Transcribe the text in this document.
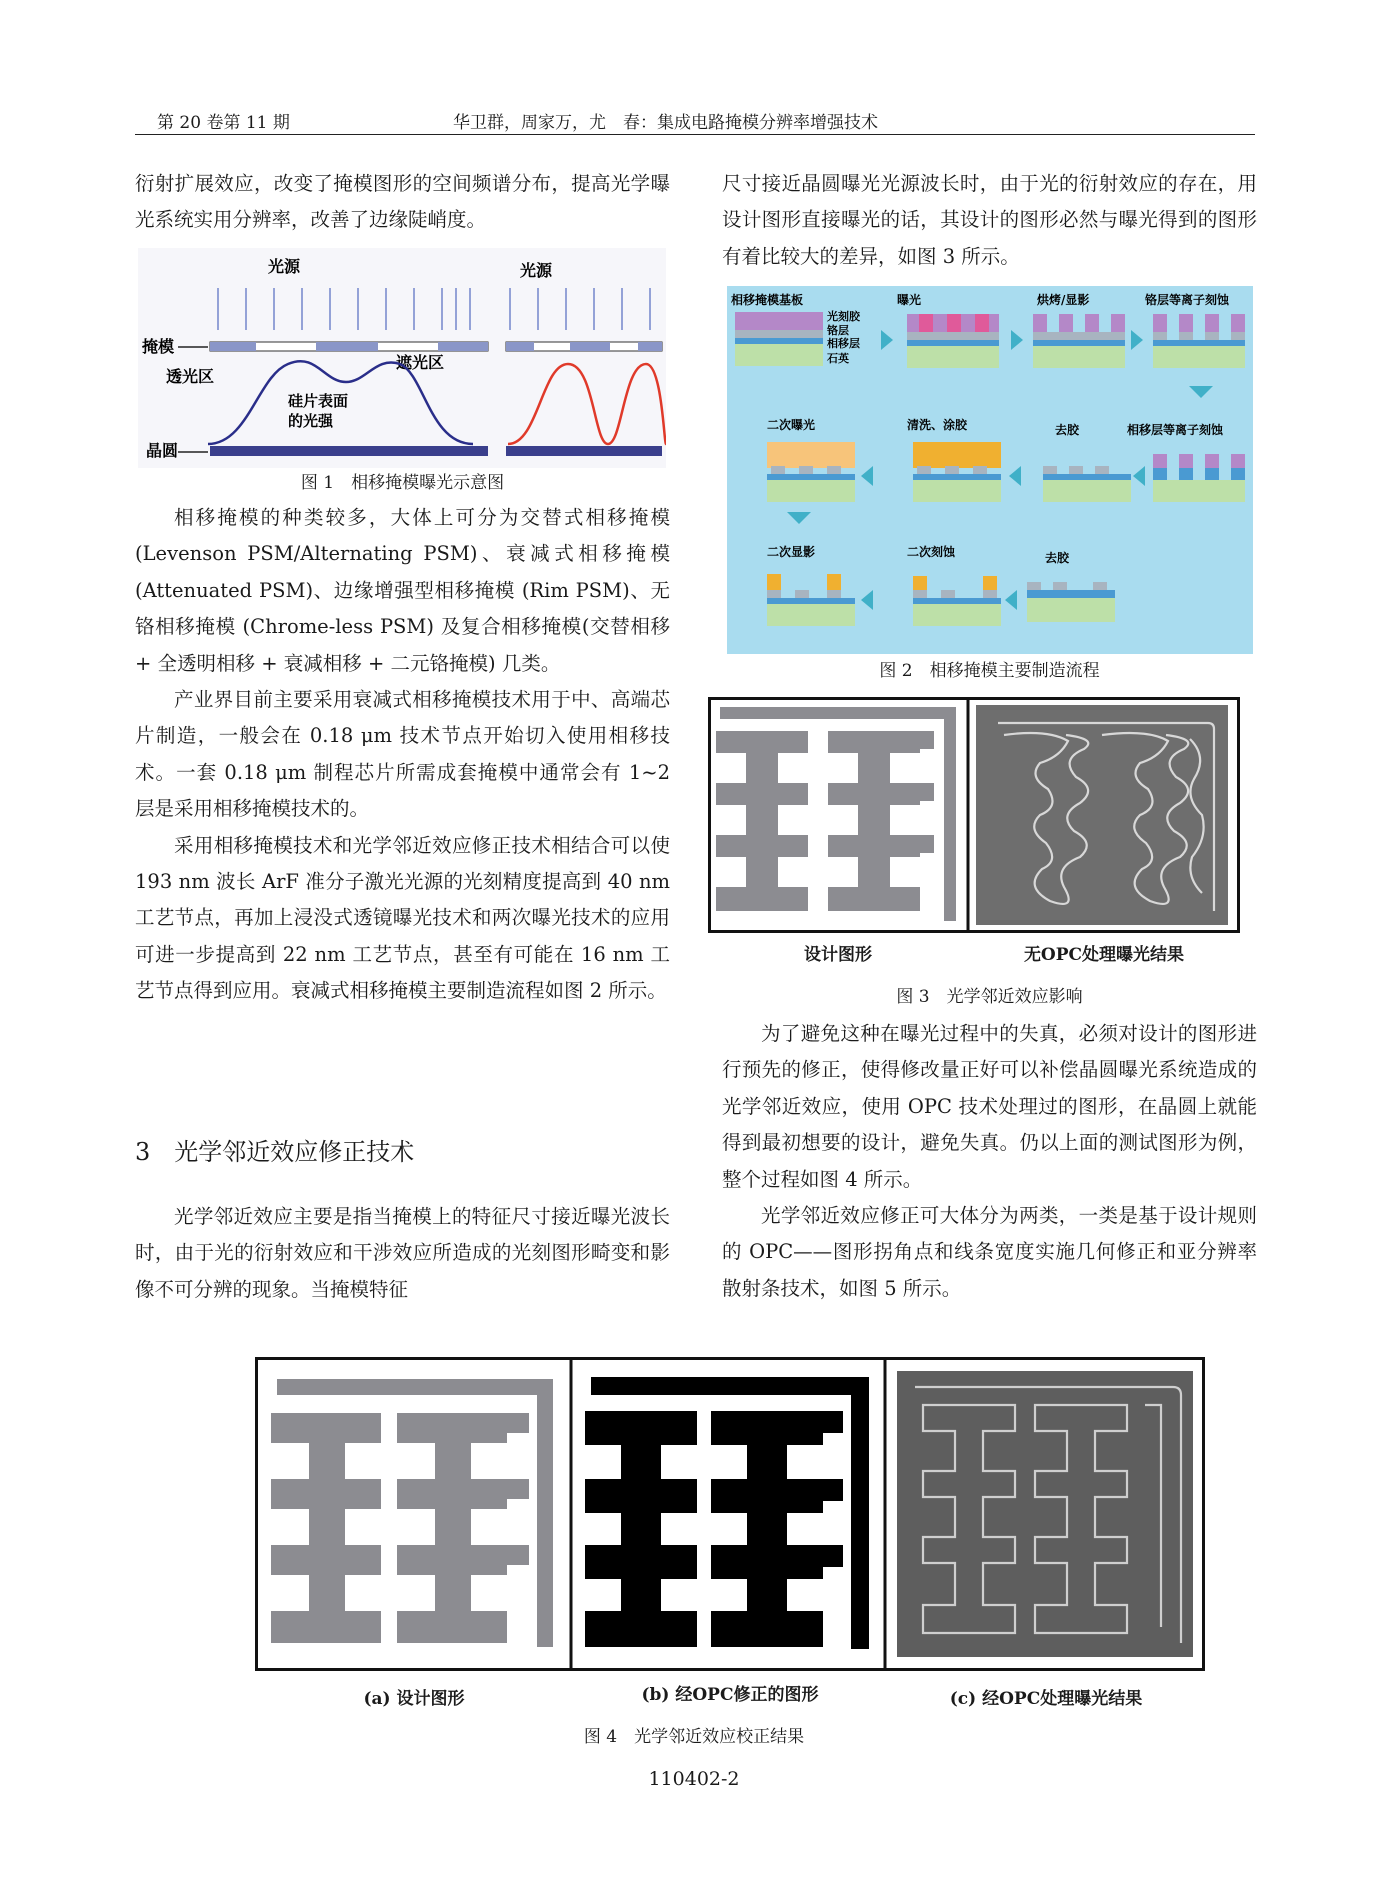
第 20 卷第 11 期	华卫群，周家万，尤　春：集成电路掩模分辨率增强技术

衍射扩展效应，改变了掩模图形的空间频谱分布，提高光学曝光系统实用分辨率，改善了边缘陡峭度。

光源	光源
掩模
遮光区
透光区
硅片表面
的光强
晶圆
图 1　相移掩模曝光示意图

相移掩模的种类较多，大体上可分为交替式相移掩模 (Levenson PSM/Alternating PSM)、衰减式相移掩模 (Attenuated PSM)、边缘增强型相移掩模 (Rim PSM)、无铬相移掩模 (Chrome-less PSM) 及复合相移掩模(交替相移 + 全透明相移 + 衰减相移 + 二元铬掩模) 几类。

产业界目前主要采用衰减式相移掩模技术用于中、高端芯片制造，一般会在 0.18 μm 技术节点开始切入使用相移技术。一套 0.18 μm 制程芯片所需成套掩模中通常会有 1~2 层是采用相移掩模技术的。

采用相移掩模技术和光学邻近效应修正技术相结合可以使 193 nm 波长 ArF 准分子激光光源的光刻精度提高到 40 nm 工艺节点，再加上浸没式透镜曝光技术和两次曝光技术的应用可进一步提高到 22 nm 工艺节点，甚至有可能在 16 nm 工艺节点得到应用。衰减式相移掩模主要制造流程如图 2 所示。

3　光学邻近效应修正技术

光学邻近效应主要是指当掩模上的特征尺寸接近曝光波长时，由于光的衍射效应和干涉效应所造成的光刻图形畸变和影像不可分辨的现象。当掩模特征

尺寸接近晶圆曝光光源波长时，由于光的衍射效应的存在，用设计图形直接曝光的话，其设计的图形必然与曝光得到的图形有着比较大的差异，如图 3 所示。

相移掩模基板	曝光	烘烤/显影	铬层等离子刻蚀
光刻胶
铬层
相移层
石英
二次曝光	清洗、涂胶	去胶	相移层等离子刻蚀
二次显影	二次刻蚀	去胶
图 2　相移掩模主要制造流程
设计图形	无OPC处理曝光结果
图 3　光学邻近效应影响

为了避免这种在曝光过程中的失真，必须对设计的图形进行预先的修正，使得修改量正好可以补偿晶圆曝光系统造成的光学邻近效应，使用 OPC 技术处理过的图形，在晶圆上就能得到最初想要的设计，避免失真。仍以上面的测试图形为例，整个过程如图 4 所示。

光学邻近效应修正可大体分为两类，一类是基于设计规则的 OPC——图形拐角点和线条宽度实施几何修正和亚分辨率散射条技术，如图 5 所示。

(a) 设计图形	(b) 经OPC修正的图形	(c) 经OPC处理曝光结果
图 4　光学邻近效应校正结果
110402-2
